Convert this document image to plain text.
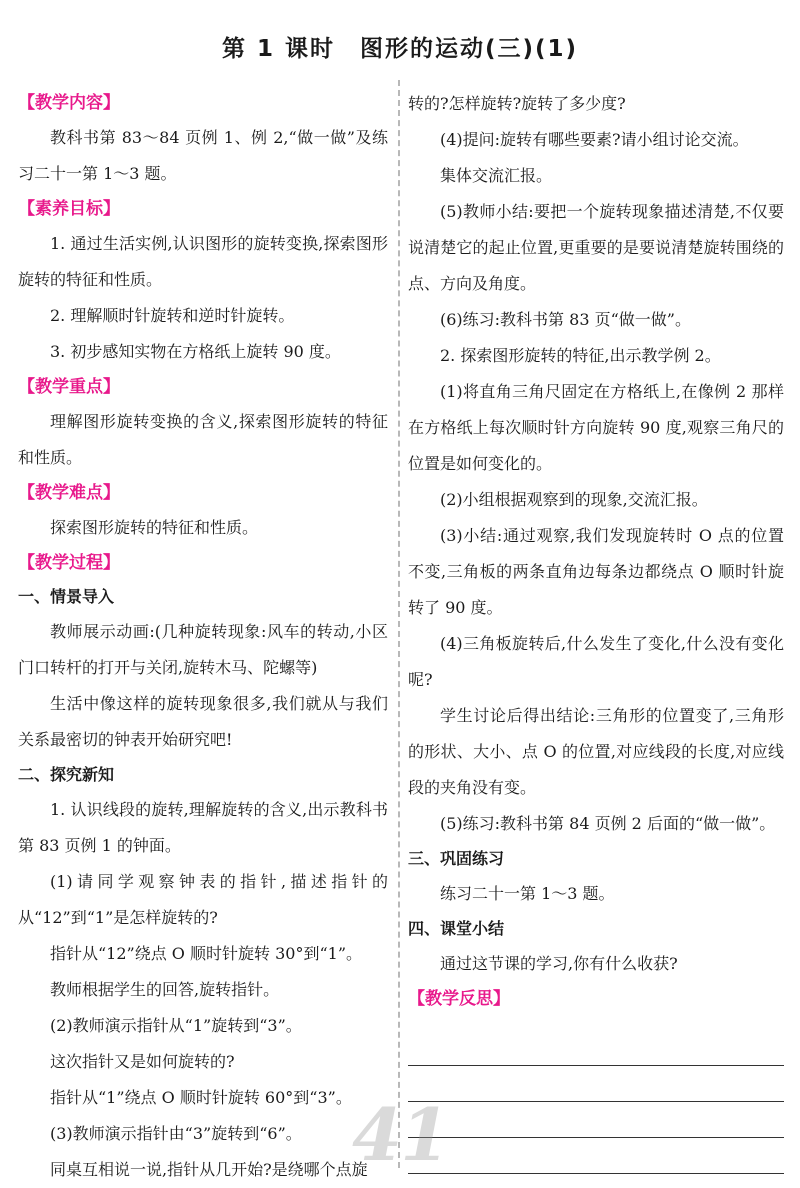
第 1 课时　图形的运动(三)(1)

【教学内容】

教科书第 83～84 页例 1、例 2,“做一做”及练习二十一第 1～3 题。

【素养目标】

1. 通过生活实例,认识图形的旋转变换,探索图形旋转的特征和性质。

2. 理解顺时针旋转和逆时针旋转。

3. 初步感知实物在方格纸上旋转 90 度。

【教学重点】

理解图形旋转变换的含义,探索图形旋转的特征和性质。

【教学难点】

探索图形旋转的特征和性质。

【教学过程】

一、情景导入

教师展示动画:(几种旋转现象:风车的转动,小区门口转杆的打开与关闭,旋转木马、陀螺等)

生活中像这样的旋转现象很多,我们就从与我们关系最密切的钟表开始研究吧!

二、探究新知

1. 认识线段的旋转,理解旋转的含义,出示教科书第 83 页例 1 的钟面。

(1)请同学观察钟表的指针,描述指针的从“12”到“1”是怎样旋转的?

指针从“12”绕点 O 顺时针旋转 30°到“1”。

教师根据学生的回答,旋转指针。

(2)教师演示指针从“1”旋转到“3”。

这次指针又是如何旋转的?

指针从“1”绕点 O 顺时针旋转 60°到“3”。

(3)教师演示指针由“3”旋转到“6”。

同桌互相说一说,指针从几开始?是绕哪个点旋

转的?怎样旋转?旋转了多少度?

(4)提问:旋转有哪些要素?请小组讨论交流。

集体交流汇报。

(5)教师小结:要把一个旋转现象描述清楚,不仅要说清楚它的起止位置,更重要的是要说清楚旋转围绕的点、方向及角度。

(6)练习:教科书第 83 页“做一做”。

2. 探索图形旋转的特征,出示教学例 2。

(1)将直角三角尺固定在方格纸上,在像例 2 那样在方格纸上每次顺时针方向旋转 90 度,观察三角尺的位置是如何变化的。

(2)小组根据观察到的现象,交流汇报。

(3)小结:通过观察,我们发现旋转时 O 点的位置不变,三角板的两条直角边每条边都绕点 O 顺时针旋转了 90 度。

(4)三角板旋转后,什么发生了变化,什么没有变化呢?

学生讨论后得出结论:三角形的位置变了,三角形的形状、大小、点 O 的位置,对应线段的长度,对应线段的夹角没有变。

(5)练习:教科书第 84 页例 2 后面的“做一做”。

三、巩固练习

练习二十一第 1～3 题。

四、课堂小结

通过这节课的学习,你有什么收获?

【教学反思】

41
